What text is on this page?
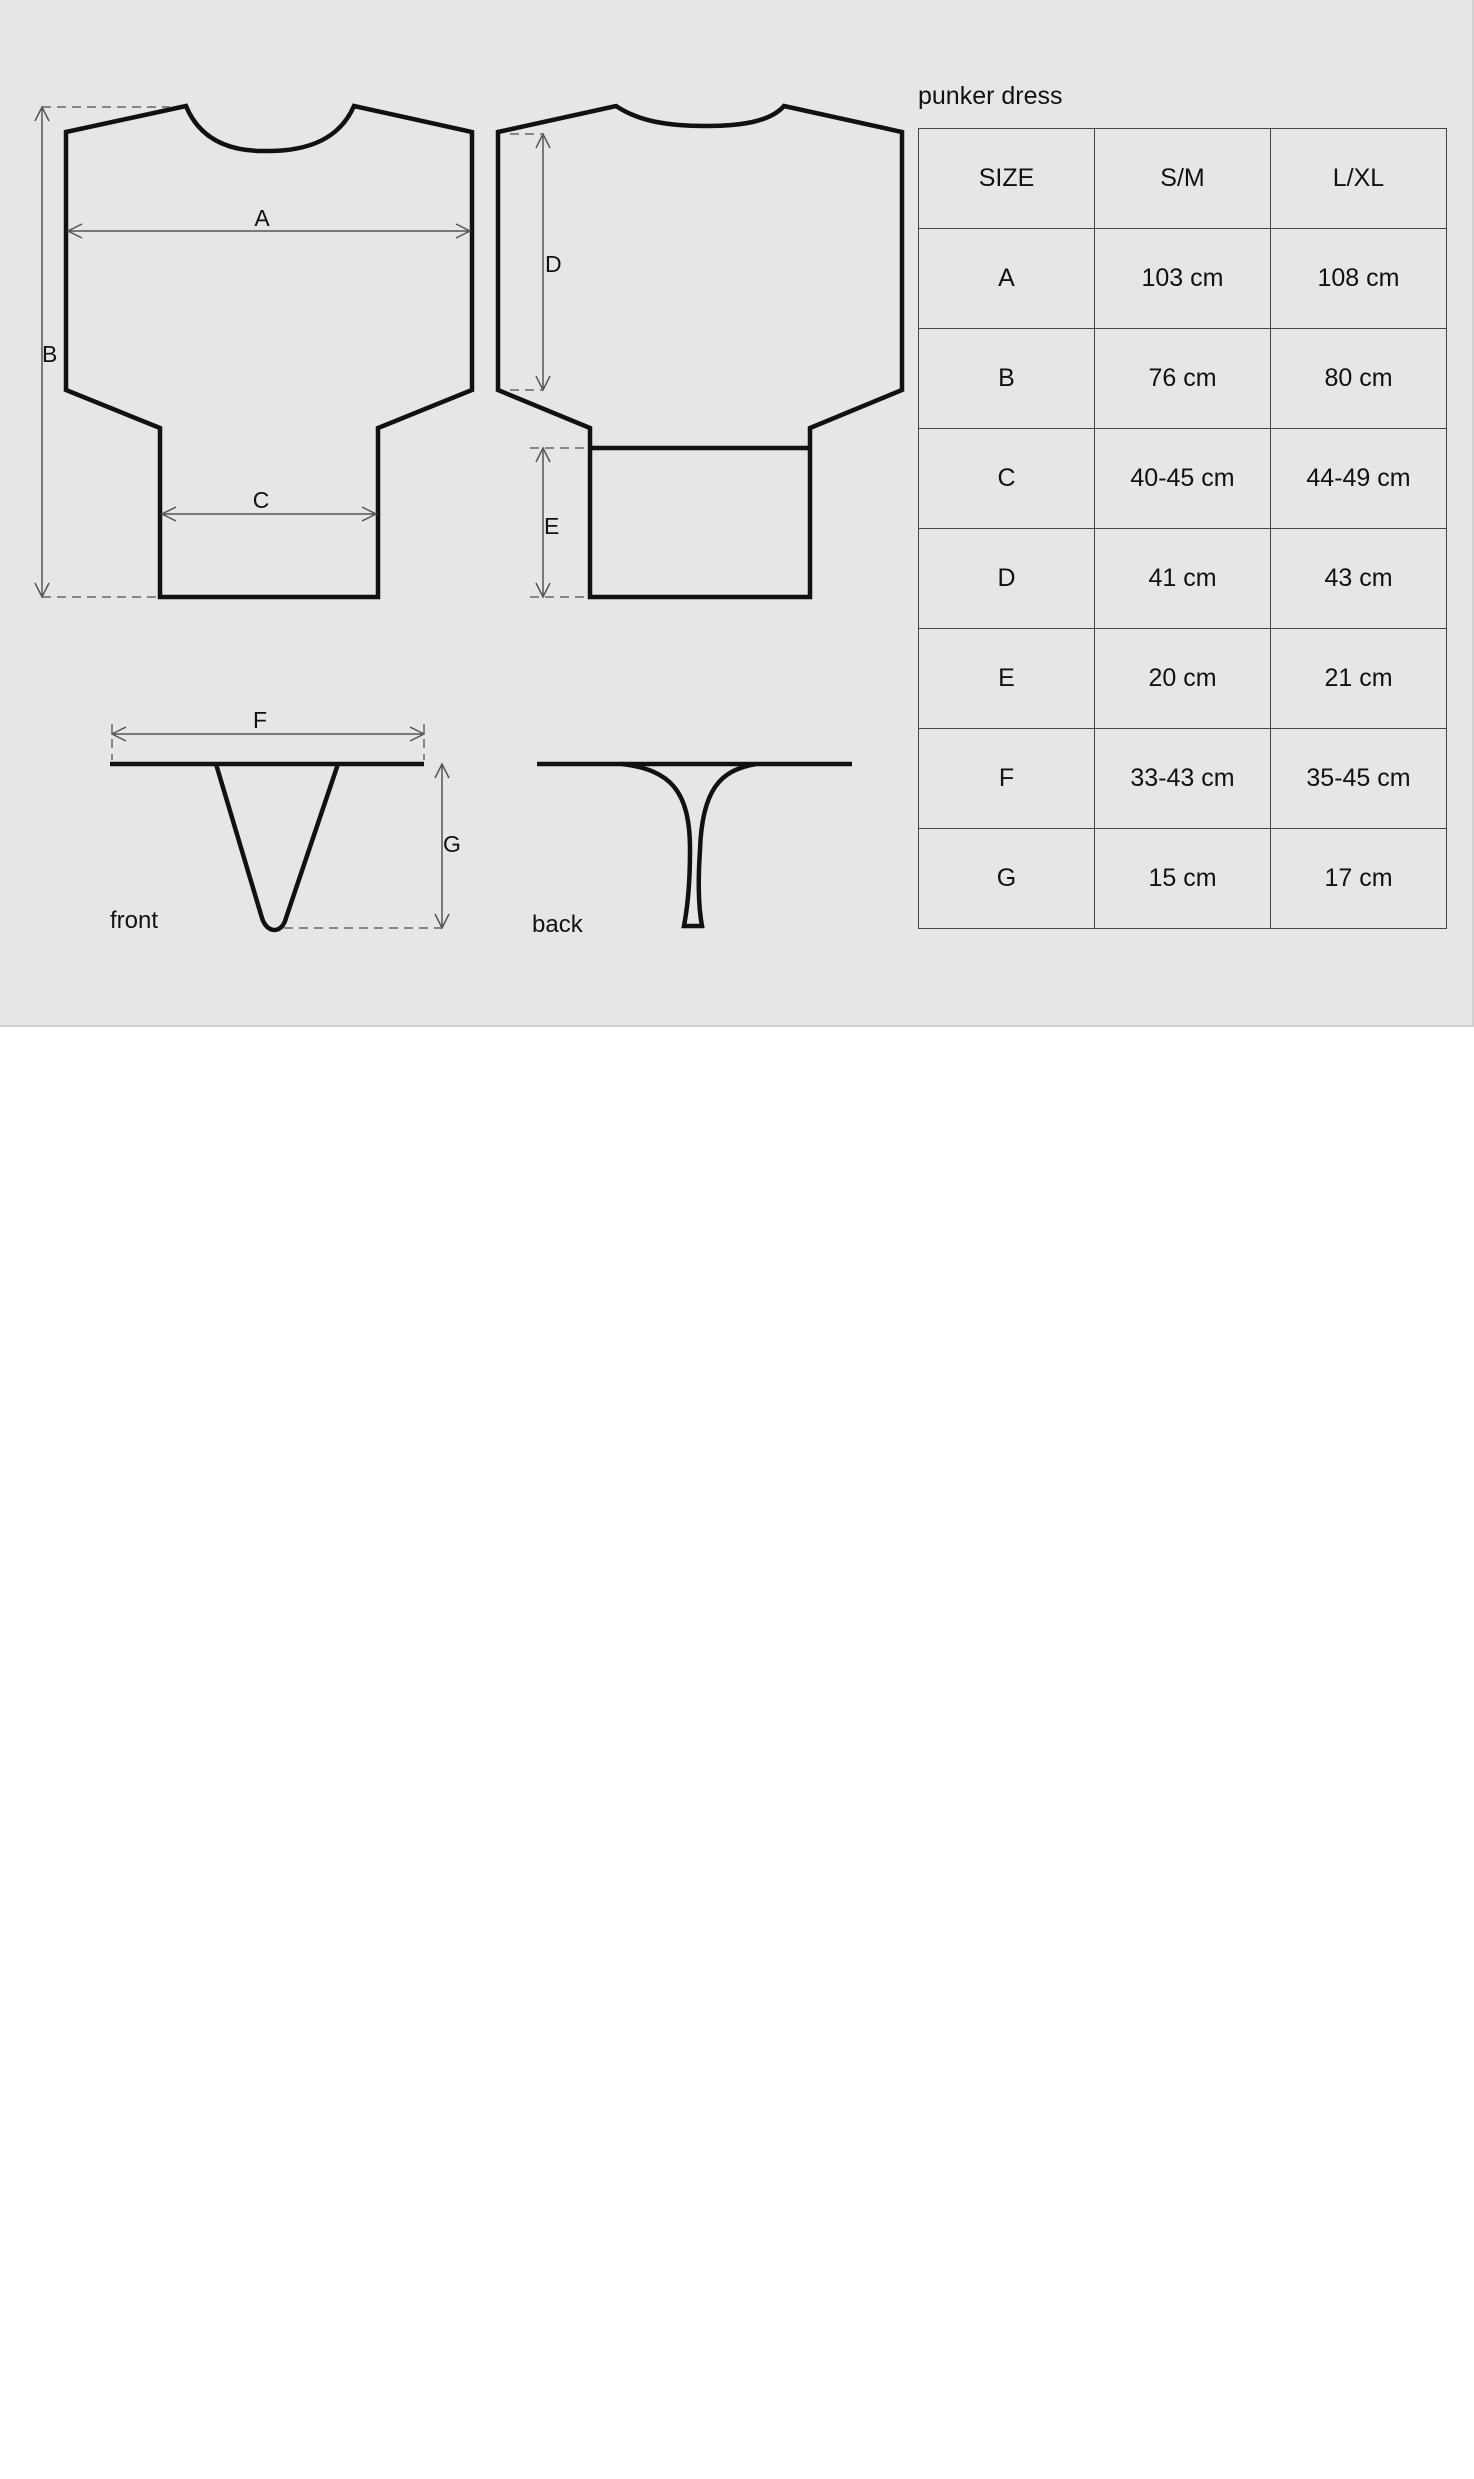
A
B
C
D
E
F
G
front	back
punker dress
SIZE	S/M	L/XL
A	103 cm	108 cm
B	76 cm	80 cm
C	40-45 cm	44-49 cm
D	41 cm	43 cm
E	20 cm	21 cm
F	33-43 cm	35-45 cm
G	15 cm	17 cm
